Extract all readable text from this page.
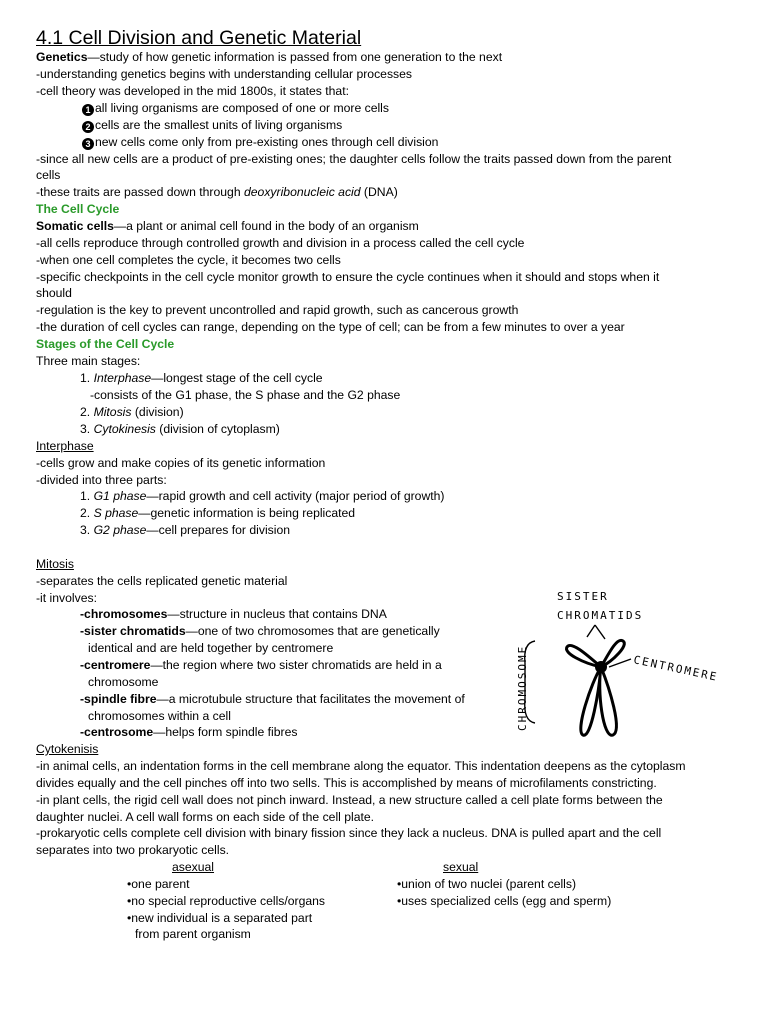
4.1 Cell Division and Genetic Material
Genetics—study of how genetic information is passed from one generation to the next
-understanding genetics begins with understanding cellular processes
-cell theory was developed in the mid 1800s, it states that:
1 all living organisms are composed of one or more cells
2 cells are the smallest units of living organisms
3 new cells come only from pre-existing ones through cell division
-since all new cells are a product of pre-existing ones; the daughter cells follow the traits passed down from the parent
cells
-these traits are passed down through deoxyribonucleic acid (DNA)
The Cell Cycle
Somatic cells—a plant or animal cell found in the body of an organism
-all cells reproduce through controlled growth and division in a process called the cell cycle
-when one cell completes the cycle, it becomes two cells
-specific checkpoints in the cell cycle monitor growth to ensure the cycle continues when it should and stops when it
should
-regulation is the key to prevent uncontrolled and rapid growth, such as cancerous growth
-the duration of cell cycles can range, depending on the type of cell; can be from a few minutes to over a year
Stages of the Cell Cycle
Three main stages:
1. Interphase—longest stage of the cell cycle
-consists of the G1 phase, the S phase and the G2 phase
2. Mitosis (division)
3. Cytokinesis (division of cytoplasm)
Interphase
-cells grow and make copies of its genetic information
-divided into three parts:
1. G1 phase—rapid growth and cell activity (major period of growth)
2. S phase—genetic information is being replicated
3. G2 phase—cell prepares for division
Mitosis
-separates the cells replicated genetic material
-it involves:
-chromosomes—structure in nucleus that contains DNA
-sister chromatids—one of two chromosomes that are genetically
identical and are held together by centromere
-centromere—the region where two sister chromatids are held in a
chromosome
-spindle fibre—a microtubule structure that facilitates the movement of
chromosomes within a cell
-centrosome—helps form spindle fibres
SISTER
CHROMATIDS
CHROMOSOME	CENTROMERE
Cytokenisis
-in animal cells, an indentation forms in the cell membrane along the equator. This indentation deepens as the cytoplasm
divides equally and the cell pinches off into two sells. This is accomplished by means of microfilaments constricting.
-in plant cells, the rigid cell wall does not pinch inward. Instead, a new structure called a cell plate forms between the
daughter nuclei. A cell wall forms on each side of the cell plate.
-prokaryotic cells complete cell division with binary fission since they lack a nucleus. DNA is pulled apart and the cell
separates into two prokaryotic cells.
asexual	sexual
•one parent
•no special reproductive cells/organs
•new individual is a separated part
from parent organism
•union of two nuclei (parent cells)
•uses specialized cells (egg and sperm)
